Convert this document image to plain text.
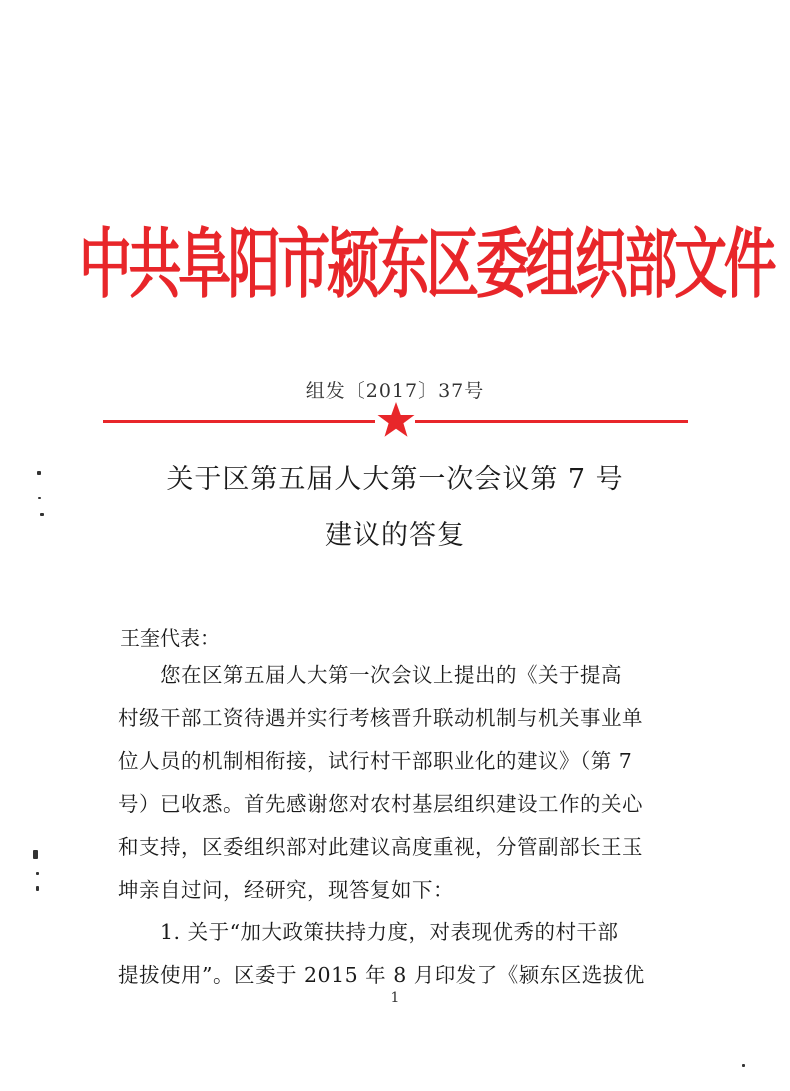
中共阜阳市颍东区委组织部文件
组发〔2017〕37号
关于区第五届人大第一次会议第 7 号
建议的答复
王奎代表：
您在区第五届人大第一次会议上提出的《关于提高
村级干部工资待遇并实行考核晋升联动机制与机关事业单
位人员的机制相衔接，试行村干部职业化的建议》（第 7
号）已收悉。首先感谢您对农村基层组织建设工作的关心
和支持，区委组织部对此建议高度重视，分管副部长王玉
坤亲自过问，经研究，现答复如下：
1. 关于“加大政策扶持力度，对表现优秀的村干部
提拔使用”。区委于 2015 年 8 月印发了《颍东区选拔优
1
